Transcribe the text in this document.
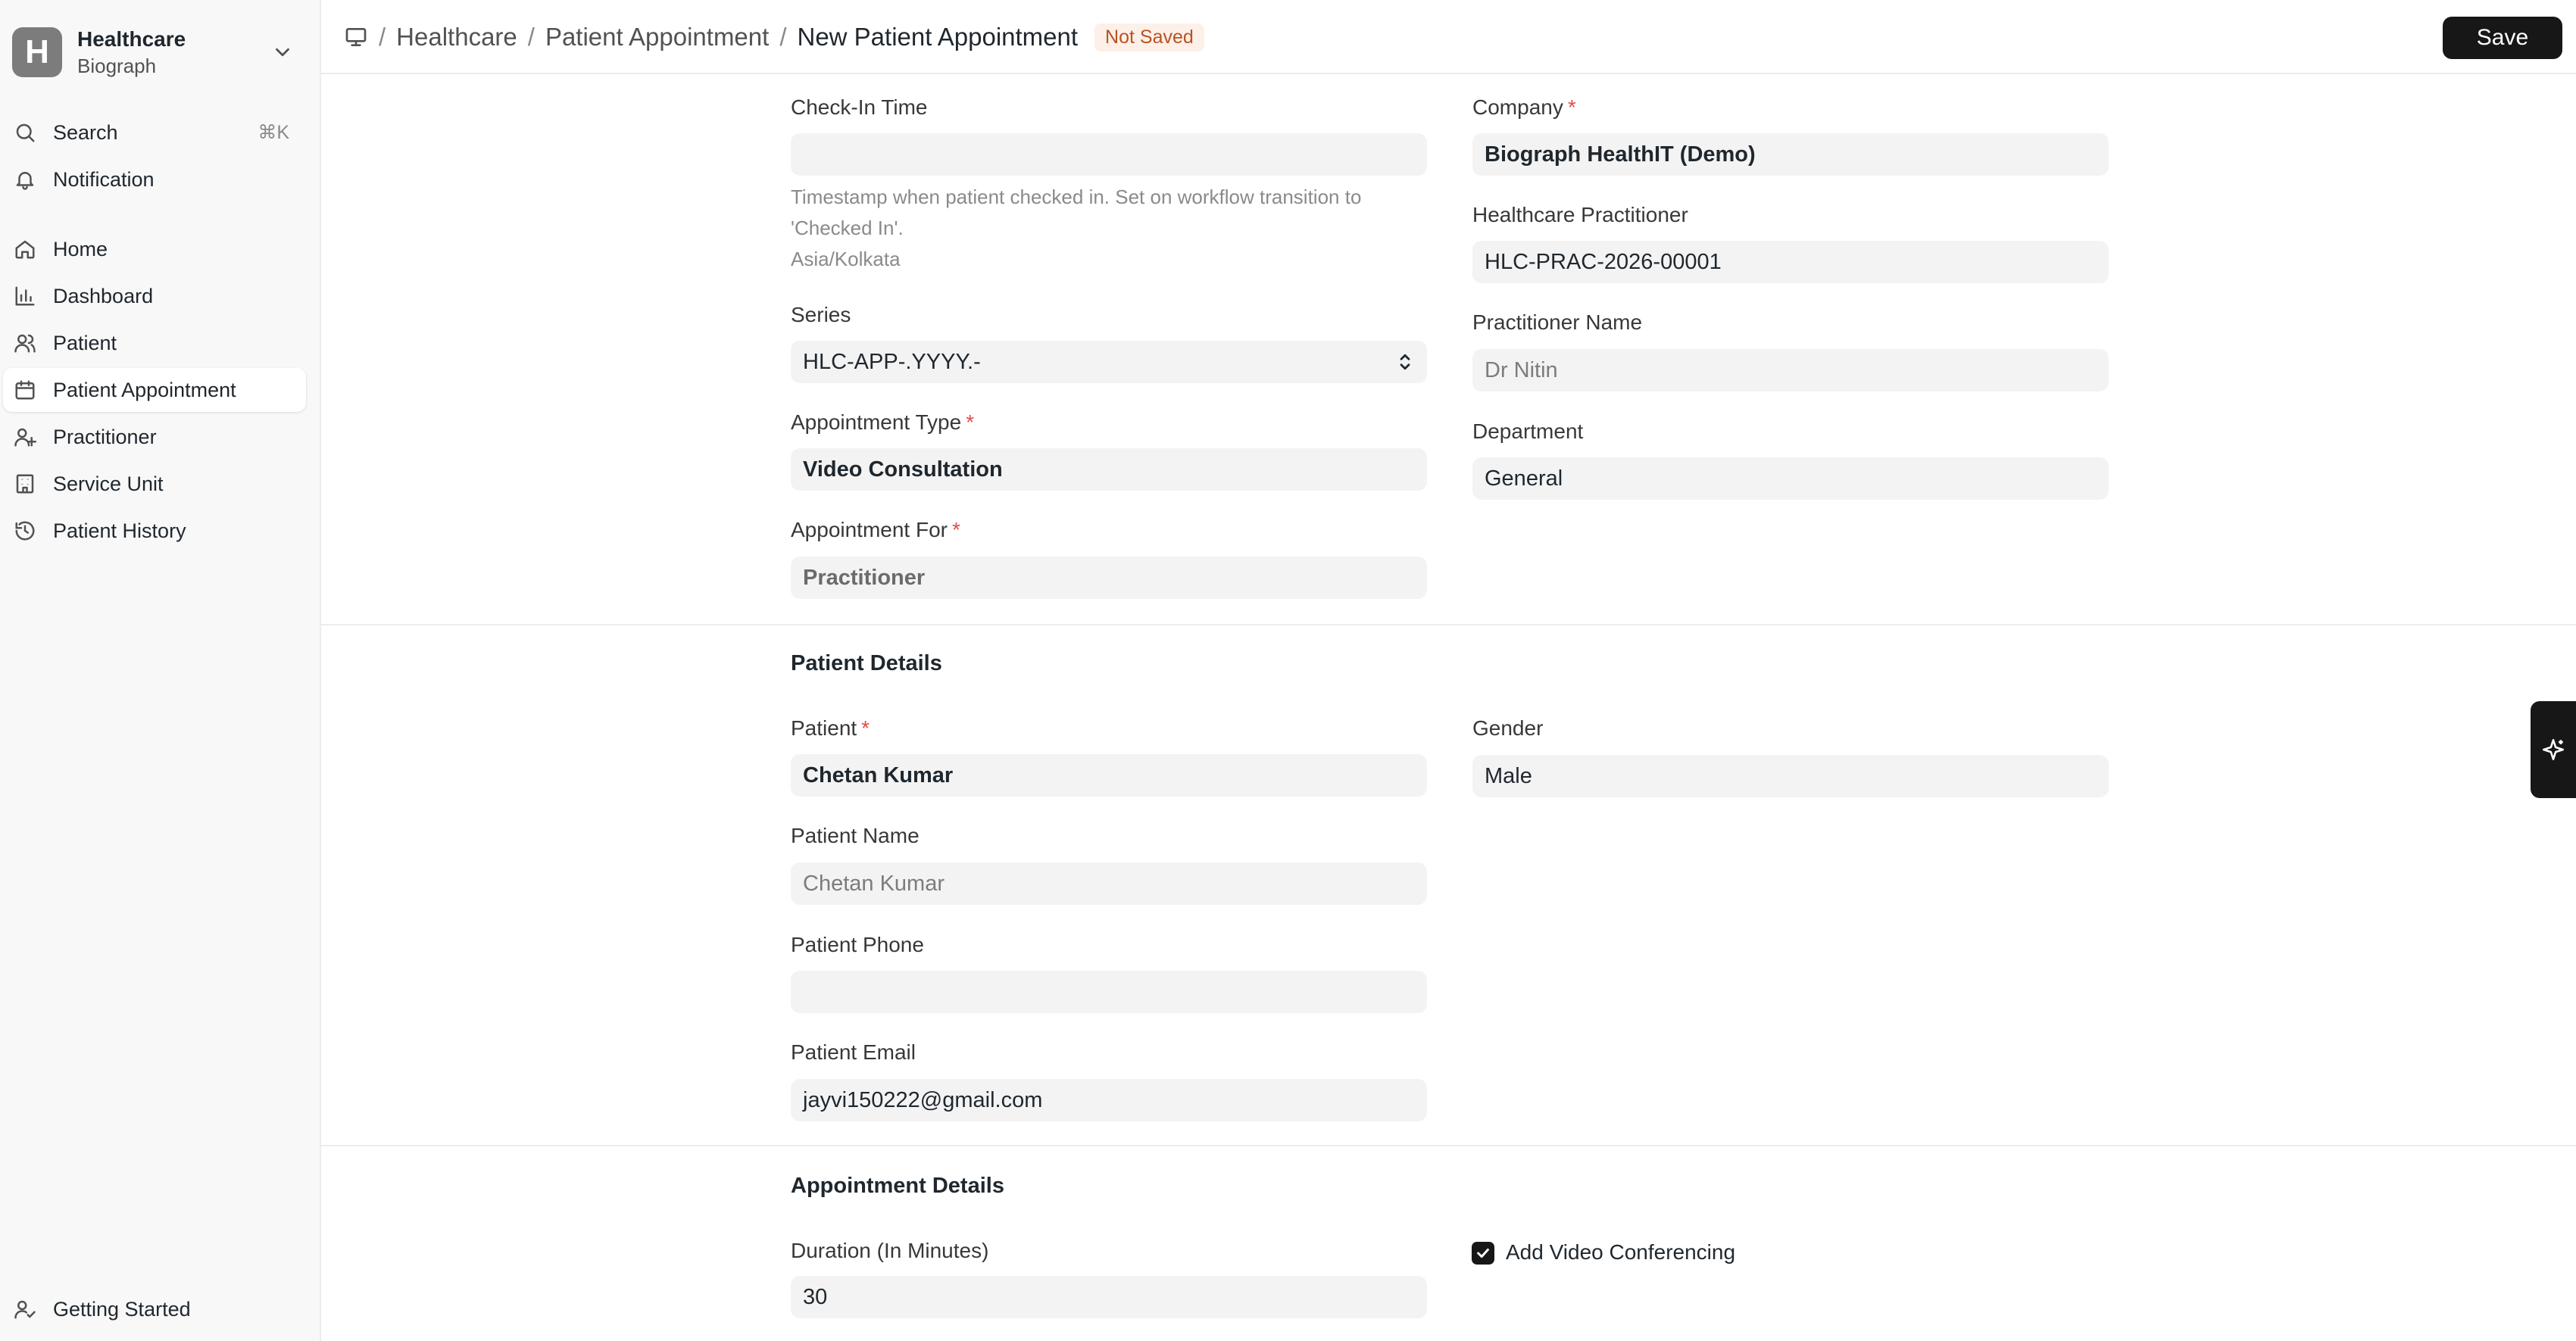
H	Healthcare
Biograph
Search	⌘K
Notification
Home
Dashboard
Patient
Patient Appointment
Practitioner
Service Unit
Patient History
Getting Started
/ Healthcare / Patient Appointment / New Patient Appointment	Not Saved	Save
Check-In Time
Timestamp when patient checked in. Set on workflow transition to 'Checked In'.
Asia/Kolkata
Series
HLC-APP-.YYYY.-
Appointment Type *
Video Consultation
Appointment For *
Practitioner
Company *
Biograph HealthIT (Demo)
Healthcare Practitioner
HLC-PRAC-2026-00001
Practitioner Name
Dr Nitin
Department
General
Patient Details
Patient *
Chetan Kumar
Patient Name
Chetan Kumar
Patient Phone
Patient Email
jayvi150222@gmail.com
Gender
Male
Appointment Details
Duration (In Minutes)
30
Add Video Conferencing
